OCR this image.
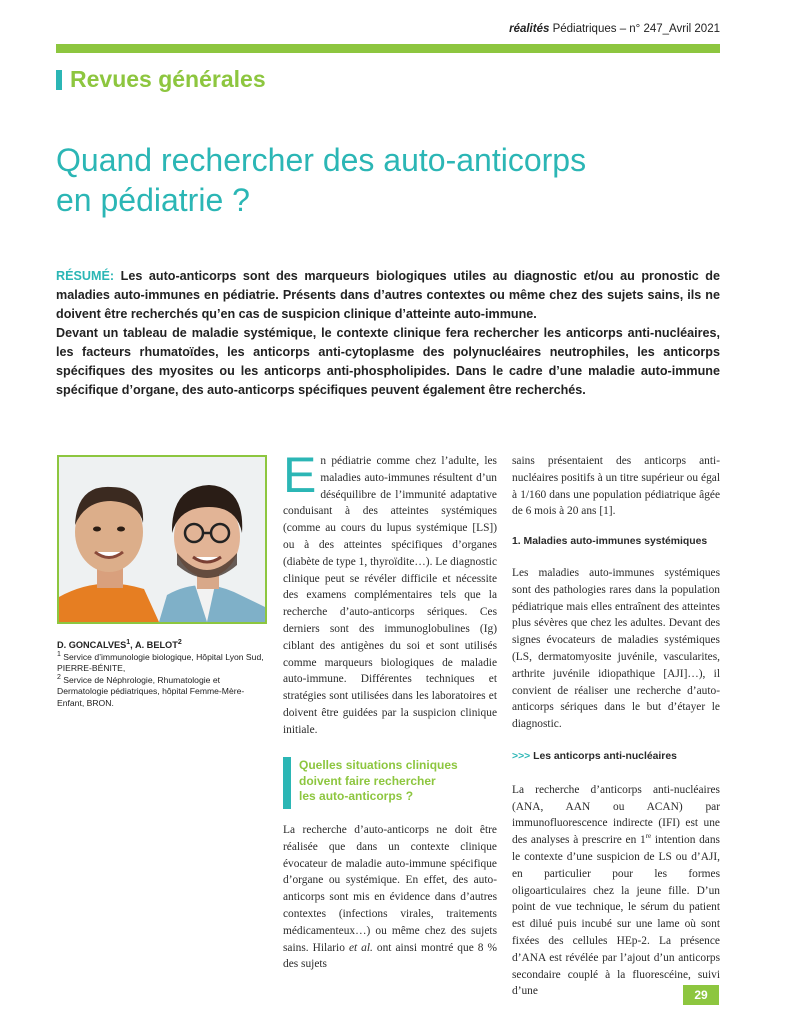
réalités Pédiatriques – n° 247_Avril 2021
Revues générales
Quand rechercher des auto-anticorps
en pédiatrie ?
RÉSUMÉ: Les auto-anticorps sont des marqueurs biologiques utiles au diagnostic et/ou au pronostic de maladies auto-immunes en pédiatrie. Présents dans d’autres contextes ou même chez des sujets sains, ils ne doivent être recherchés qu’en cas de suspicion clinique d’atteinte auto-immune.
Devant un tableau de maladie systémique, le contexte clinique fera rechercher les anticorps anti-nucléaires, les facteurs rhumatoïdes, les anticorps anti-cytoplasme des polynucléaires neutrophiles, les anticorps spécifiques des myosites ou les anticorps anti-phospholipides. Dans le cadre d’une maladie auto-immune spécifique d’organe, des auto-anticorps spécifiques peuvent également être recherchés.
D. GONCALVES$^1$, A. BELOT$^2$
$^1$ Service d’immunologie biologique, Hôpital Lyon Sud, PIERRE-BÉNITE,
$^2$ Service de Néphrologie, Rhumatologie et Dermatologie pédiatriques, hôpital Femme-Mère-Enfant, BRON.

En pédiatrie comme chez l’adulte, les maladies auto-immunes résultent d’un déséquilibre de l’immunité adaptative conduisant à des atteintes systémiques (comme au cours du lupus systémique [LS]) ou à des atteintes spécifiques d’organes (diabète de type 1, thyroïdite…). Le diagnostic clinique peut se révéler difficile et nécessite des examens complémentaires tels que la recherche d’auto-anticorps sériques. Ces derniers sont des immunoglobulines (Ig) ciblant des antigènes du soi et sont utilisés comme marqueurs biologiques de maladie auto-immune. Différentes techniques et stratégies sont utilisées dans les laboratoires et doivent être guidées par la suspicion clinique initiale.

Quelles situations cliniques
doivent faire rechercher
les auto-anticorps ?

La recherche d’auto-anticorps ne doit être réalisée que dans un contexte clinique évocateur de maladie auto-immune spécifique d’organe ou systémique. En effet, des auto-anticorps sont mis en évidence dans d’autres contextes (infections virales, traitements médicamenteux…) ou même chez des sujets sains. Hilario et al. ont ainsi montré que 8 % des sujets

sains présentaient des anticorps anti-nucléaires positifs à un titre supérieur ou égal à 1/160 dans une population pédiatrique âgée de 6 mois à 20 ans [1].

1. Maladies auto-immunes systémiques

Les maladies auto-immunes systémiques sont des pathologies rares dans la population pédiatrique mais elles entraînent des atteintes plus sévères que chez les adultes. Devant des signes évocateurs de maladies systémiques (LS, dermatomyosite juvénile, vascularites, arthrite juvénile idiopathique [AJI]…), il convient de réaliser une recherche d’auto-anticorps sériques dans le but d’étayer le diagnostic.

>>> Les anticorps anti-nucléaires

La recherche d’anticorps anti-nucléaires (ANA, AAN ou ACAN) par immunofluorescence indirecte (IFI) est une des analyses à prescrire en 1re intention dans le contexte d’une suspicion de LS ou d’AJI, en particulier pour les formes oligoarticulaires chez la jeune fille. D’un point de vue technique, le sérum du patient est dilué puis incubé sur une lame où sont fixées des cellules HEp-2. La présence d’ANA est révélée par l’ajout d’un anticorps secondaire couplé à la fluorescéine, suivi d’une	29
